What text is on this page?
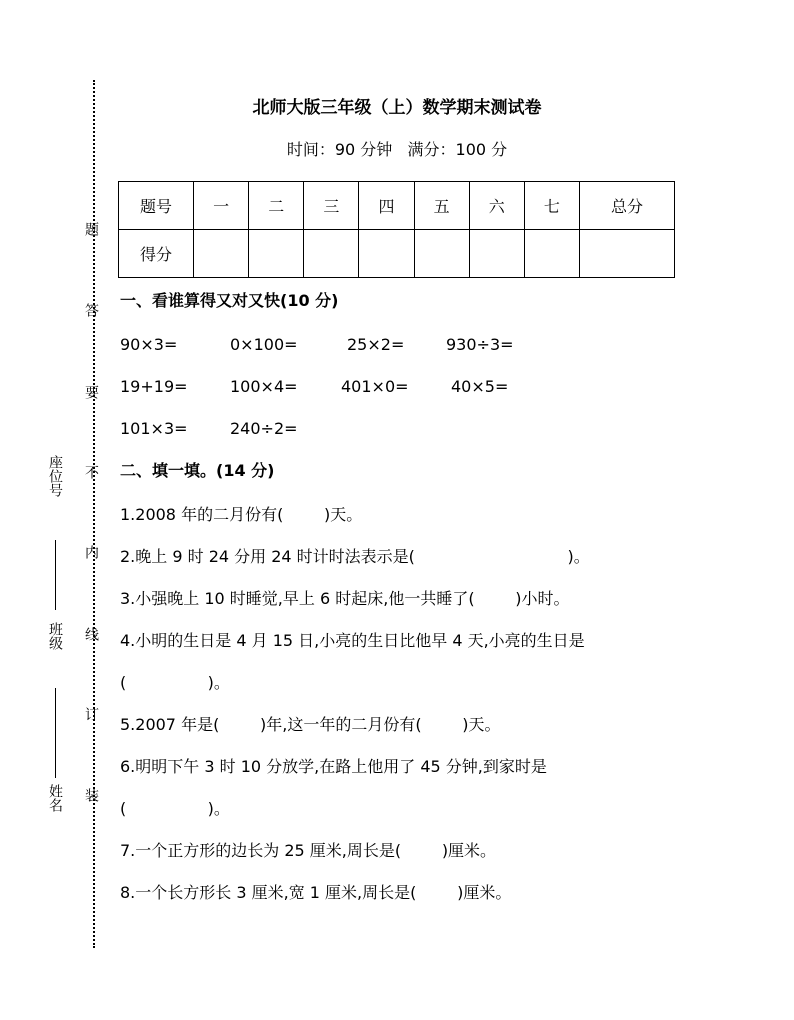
题
答
要
不
内
线
订
装
座位号
班级
姓名
北师大版三年级（上）数学期末测试卷
时间：90 分钟   满分：100 分
题号	一	二	三	四	五	六	七	总分
得分								
一、看谁算得又对又快(10 分)
90×3=	0×100=	25×2=	930÷3=
19+19=	100×4=	401×0=	40×5=
101×3=	240÷2=
二、填一填。(14 分)
1.2008 年的二月份有(        )天。
2.晚上 9 时 24 分用 24 时计时法表示是(                              )。
3.小强晚上 10 时睡觉,早上 6 时起床,他一共睡了(        )小时。
4.小明的生日是 4 月 15 日,小亮的生日比他早 4 天,小亮的生日是
(                )。
5.2007 年是(        )年,这一年的二月份有(        )天。
6.明明下午 3 时 10 分放学,在路上他用了 45 分钟,到家时是
(                )。
7.一个正方形的边长为 25 厘米,周长是(        )厘米。
8.一个长方形长 3 厘米,宽 1 厘米,周长是(        )厘米。
